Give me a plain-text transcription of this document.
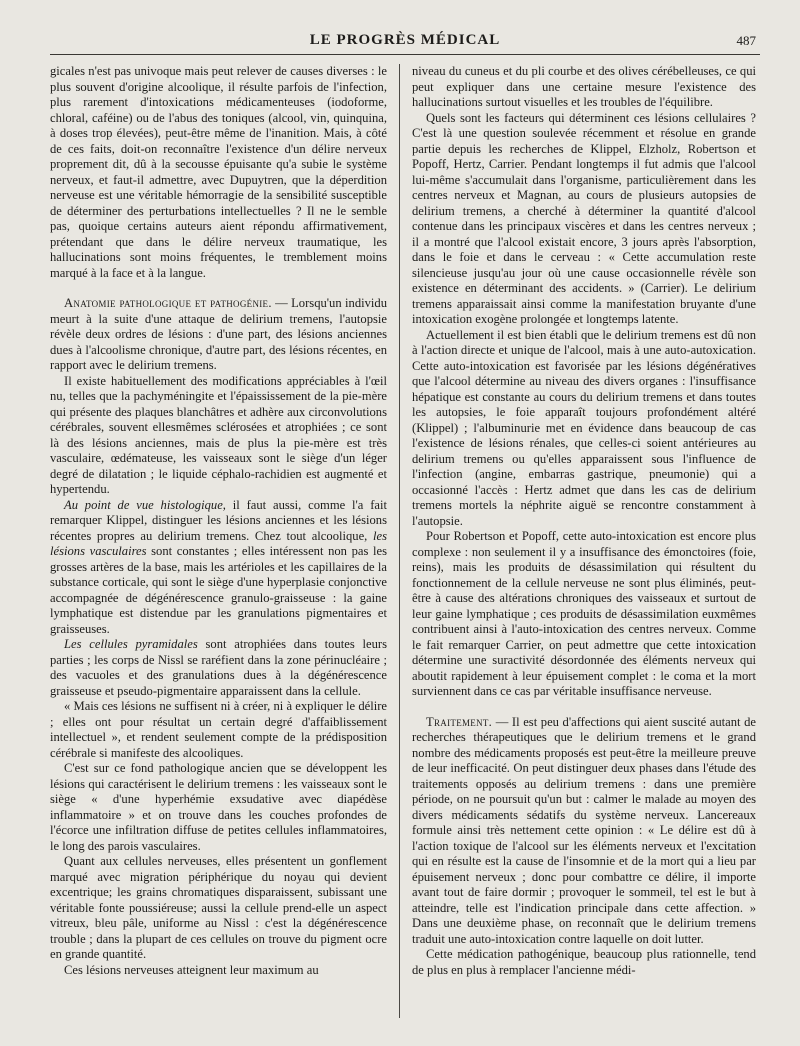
LE PROGRÈS MÉDICAL	487

gicales n'est pas univoque mais peut relever de causes diverses : le plus souvent d'origine alcoolique, il résulte parfois de l'infection, plus rarement d'intoxications médicamenteuses (iodoforme, chloral, caféine) ou de l'abus des toniques (alcool, vin, quinquina, à doses trop élevées), peut-être même de l'inanition. Mais, à côté de ces faits, doit-on reconnaître l'existence d'un délire nerveux proprement dit, dû à la secousse épuisante qu'a subie le système nerveux, et faut-il admettre, avec Dupuytren, que la déperdition nerveuse est une véritable hémorragie de la sensibilité susceptible de déterminer des perturbations intellectuelles ? Il ne le semble pas, quoique certains auteurs aient répondu affirmativement, prétendant que dans le délire nerveux traumatique, les hallucinations sont moins fréquentes, le tremblement moins marqué à la face et à la langue.

Anatomie pathologique et pathogénie. — Lorsqu'un individu meurt à la suite d'une attaque de delirium tremens, l'autopsie révèle deux ordres de lésions : d'une part, des lésions anciennes dues à l'alcoolisme chronique, d'autre part, des lésions récentes, en rapport avec le delirium tremens.

Il existe habituellement des modifications appréciables à l'œil nu, telles que la pachyméningite et l'épaississement de la pie-mère qui présente des plaques blanchâtres et adhère aux circonvolutions cérébrales, souvent ellesmêmes sclérosées et atrophiées ; ce sont là des lésions anciennes, mais de plus la pie-mère est très vasculaire, œdémateuse, les vaisseaux sont le siège d'un léger degré de dilatation ; le liquide céphalo-rachidien est augmenté et hypertendu.

Au point de vue histologique, il faut aussi, comme l'a fait remarquer Klippel, distinguer les lésions anciennes et les lésions récentes propres au delirium tremens. Chez tout alcoolique, les lésions vasculaires sont constantes ; elles intéressent non pas les grosses artères de la base, mais les artérioles et les capillaires de la substance corticale, qui sont le siège d'une hyperplasie conjonctive accompagnée de dégénérescence granulo-graisseuse : la gaine lymphatique est distendue par les granulations pigmentaires et graisseuses.

Les cellules pyramidales sont atrophiées dans toutes leurs parties ; les corps de Nissl se raréfient dans la zone périnucléaire ; des vacuoles et des granulations dues à la dégénérescence graisseuse et pseudo-pigmentaire apparaissent dans la cellule.

« Mais ces lésions ne suffisent ni à créer, ni à expliquer le délire ; elles ont pour résultat un certain degré d'affaiblissement intellectuel », et rendent seulement compte de la prédisposition cérébrale si manifeste des alcooliques.

C'est sur ce fond pathologique ancien que se développent les lésions qui caractérisent le delirium tremens : les vaisseaux sont le siège « d'une hyperhémie exsudative avec diapédèse inflammatoire » et on trouve dans les couches profondes de l'écorce une infiltration diffuse de petites cellules inflammatoires, le long des parois vasculaires.

Quant aux cellules nerveuses, elles présentent un gonflement marqué avec migration périphérique du noyau qui devient excentrique; les grains chromatiques disparaissent, subissant une véritable fonte poussiéreuse; aussi la cellule prend-elle un aspect vitreux, bleu pâle, uniforme au Nissl : c'est la dégénérescence trouble ; dans la plupart de ces cellules on trouve du pigment ocre en grande quantité.

Ces lésions nerveuses atteignent leur maximum au

niveau du cuneus et du pli courbe et des olives cérébelleuses, ce qui peut expliquer dans une certaine mesure l'existence des hallucinations surtout visuelles et les troubles de l'équilibre.

Quels sont les facteurs qui déterminent ces lésions cellulaires ? C'est là une question soulevée récemment et résolue en grande partie depuis les recherches de Klippel, Elzholz, Robertson et Popoff, Hertz, Carrier. Pendant longtemps il fut admis que l'alcool lui-même s'accumulait dans l'organisme, particulièrement dans les centres nerveux et Magnan, au cours de plusieurs autopsies de delirium tremens, a cherché à déterminer la quantité d'alcool contenue dans les principaux viscères et dans les centres nerveux ; il a montré que l'alcool existait encore, 3 jours après l'absorption, dans le foie et dans le cerveau : « Cette accumulation reste silencieuse jusqu'au jour où une cause occasionnelle révèle son existence en déterminant des accidents. » (Carrier). Le delirium tremens apparaissait ainsi comme la manifestation bruyante d'une intoxication exogène prolongée et longtemps latente.

Actuellement il est bien établi que le delirium tremens est dû non à l'action directe et unique de l'alcool, mais à une auto-autoxication. Cette auto-intoxication est favorisée par les lésions dégénératives que l'alcool détermine au niveau des divers organes : l'insuffisance hépatique est constante au cours du delirium tremens et dans toutes les autopsies, le foie apparaît toujours profondément altéré (Klippel) ; l'albuminurie met en évidence dans beaucoup de cas l'existence de lésions rénales, que celles-ci soient antérieures au delirium tremens ou qu'elles apparaissent sous l'influence de l'infection (angine, embarras gastrique, pneumonie) qui a occasionné l'accès : Hertz admet que dans les cas de delirium tremens mortels la néphrite aiguë se rencontre constamment à l'autopsie.

Pour Robertson et Popoff, cette auto-intoxication est encore plus complexe : non seulement il y a insuffisance des émonctoires (foie, reins), mais les produits de désassimilation qui résultent du fonctionnement de la cellule nerveuse ne sont plus éliminés, peut-être à cause des altérations chroniques des vaisseaux et surtout de leur gaine lymphatique ; ces produits de désassimilation euxmêmes contribuent ainsi à l'auto-intoxication des centres nerveux. Comme le fait remarquer Carrier, on peut admettre que cette intoxication détermine une suractivité désordonnée des éléments nerveux qui aboutit rapidement à leur épuisement complet : le coma et la mort surviennent dans ce cas par véritable insuffisance nerveuse.

Traitement. — Il est peu d'affections qui aient suscité autant de recherches thérapeutiques que le delirium tremens et le grand nombre des médicaments proposés est peut-être la meilleure preuve de leur inefficacité. On peut distinguer deux phases dans l'étude des traitements opposés au delirium tremens : dans une première période, on ne poursuit qu'un but : calmer le malade au moyen des divers médicaments sédatifs du système nerveux. Lancereaux formule ainsi très nettement cette opinion : « Le délire est dû à l'action toxique de l'alcool sur les éléments nerveux et l'excitation qui en résulte est la cause de l'insomnie et de la mort qui a lieu par épuisement nerveux ; donc pour combattre ce délire, il importe avant tout de faire dormir ; provoquer le sommeil, tel est le but à atteindre, telle est l'indication principale dans cette affection. » Dans une deuxième phase, on reconnaît que le delirium tremens traduit une auto-intoxication contre laquelle on doit lutter.

Cette médication pathogénique, beaucoup plus rationnelle, tend de plus en plus à remplacer l'ancienne médi-
